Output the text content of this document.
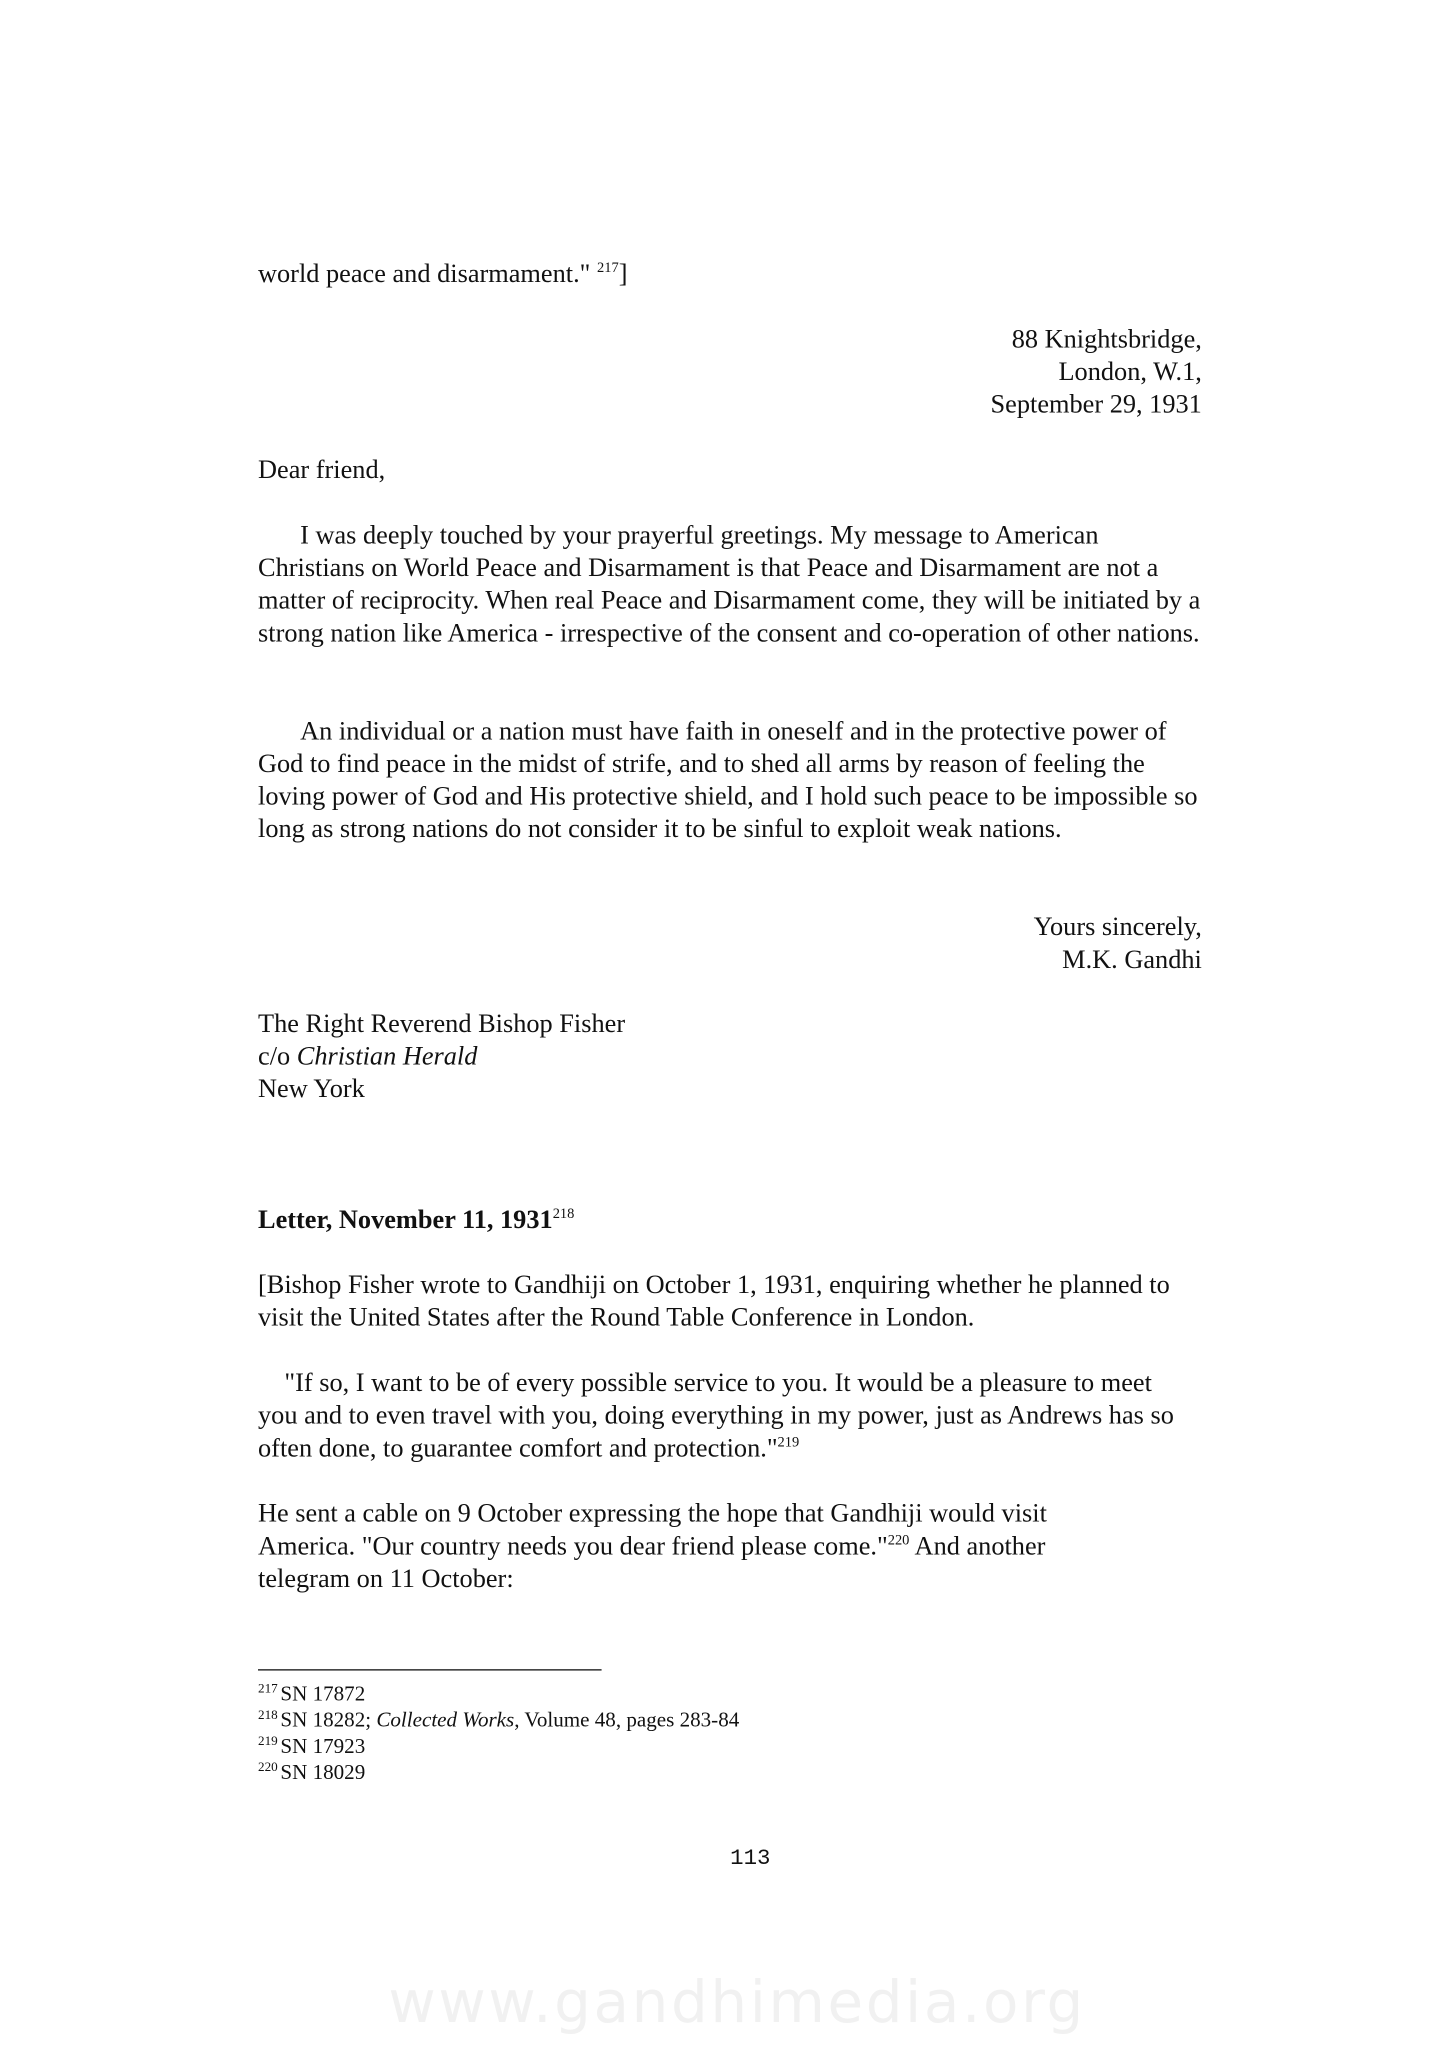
world peace and disarmament." $^{217}$]
88 Knightsbridge,
London, W.1,
September 29, 1931
Dear friend,
I was deeply touched by your prayerful greetings. My message to American Christians on World Peace and Disarmament is that Peace and Disarmament are not a matter of reciprocity. When real Peace and Disarmament come, they will be initiated by a strong nation like America - irrespective of the consent and co-operation of other nations.
An individual or a nation must have faith in oneself and in the protective power of God to find peace in the midst of strife, and to shed all arms by reason of feeling the loving power of God and His protective shield, and I hold such peace to be impossible so long as strong nations do not consider it to be sinful to exploit weak nations.
Yours sincerely,
M.K. Gandhi
The Right Reverend Bishop Fisher
c/o Christian Herald
New York
Letter, November 11, 1931$^{218}$
[Bishop Fisher wrote to Gandhiji on October 1, 1931, enquiring whether he planned to visit the United States after the Round Table Conference in London.
"If so, I want to be of every possible service to you. It would be a pleasure to meet you and to even travel with you, doing everything in my power, just as Andrews has so often done, to guarantee comfort and protection."$^{219}$
He sent a cable on 9 October expressing the hope that Gandhiji would visit America. "Our country needs you dear friend please come."$^{220}$ And another telegram on 11 October:
$^{217}$ SN 17872
$^{218}$ SN 18282; Collected Works, Volume 48, pages 283-84
$^{219}$ SN 17923
$^{220}$ SN 18029
113
www.gandhimedia.org
